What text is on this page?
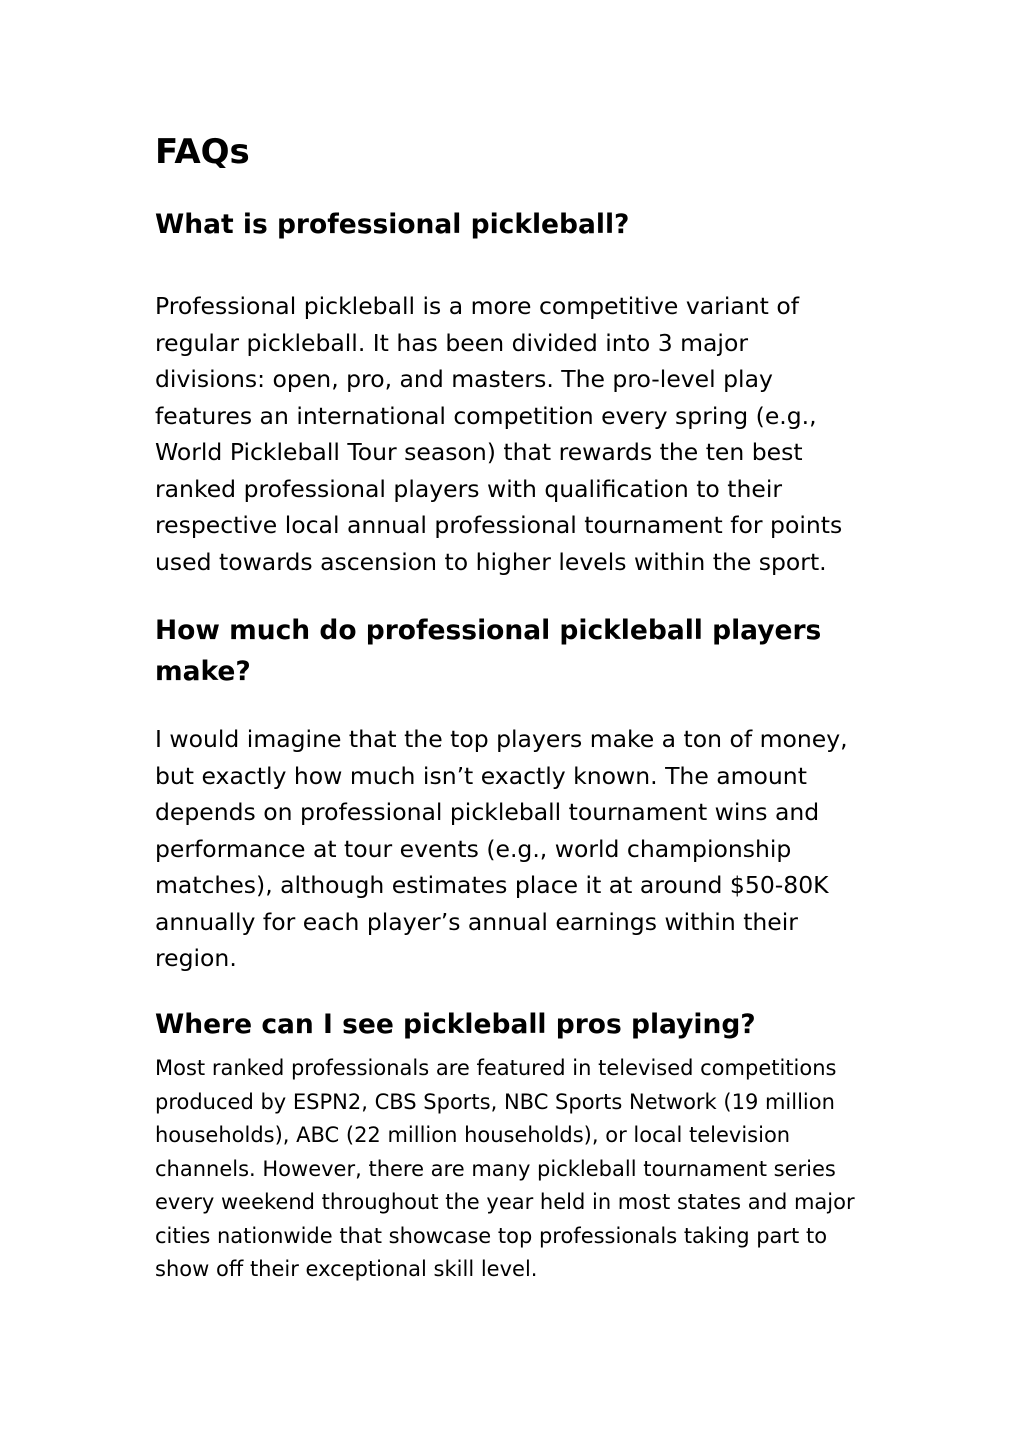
FAQs
What is professional pickleball?

Professional pickleball is a more competitive variant of regular pickleball. It has been divided into 3 major divisions: open, pro, and masters. The pro-level play features an international competition every spring (e.g., World Pickleball Tour season) that rewards the ten best ranked professional players with qualification to their respective local annual professional tournament for points used towards ascension to higher levels within the sport.

How much do professional pickleball players make?

I would imagine that the top players make a ton of money, but exactly how much isn’t exactly known. The amount depends on professional pickleball tournament wins and performance at tour events (e.g., world championship matches), although estimates place it at around $50-80K annually for each player’s annual earnings within their region.

Where can I see pickleball pros playing?

Most ranked professionals are featured in televised competitions produced by ESPN2, CBS Sports, NBC Sports Network (19 million households), ABC (22 million households), or local television channels. However, there are many pickleball tournament series every weekend throughout the year held in most states and major cities nationwide that showcase top professionals taking part to show off their exceptional skill level.
